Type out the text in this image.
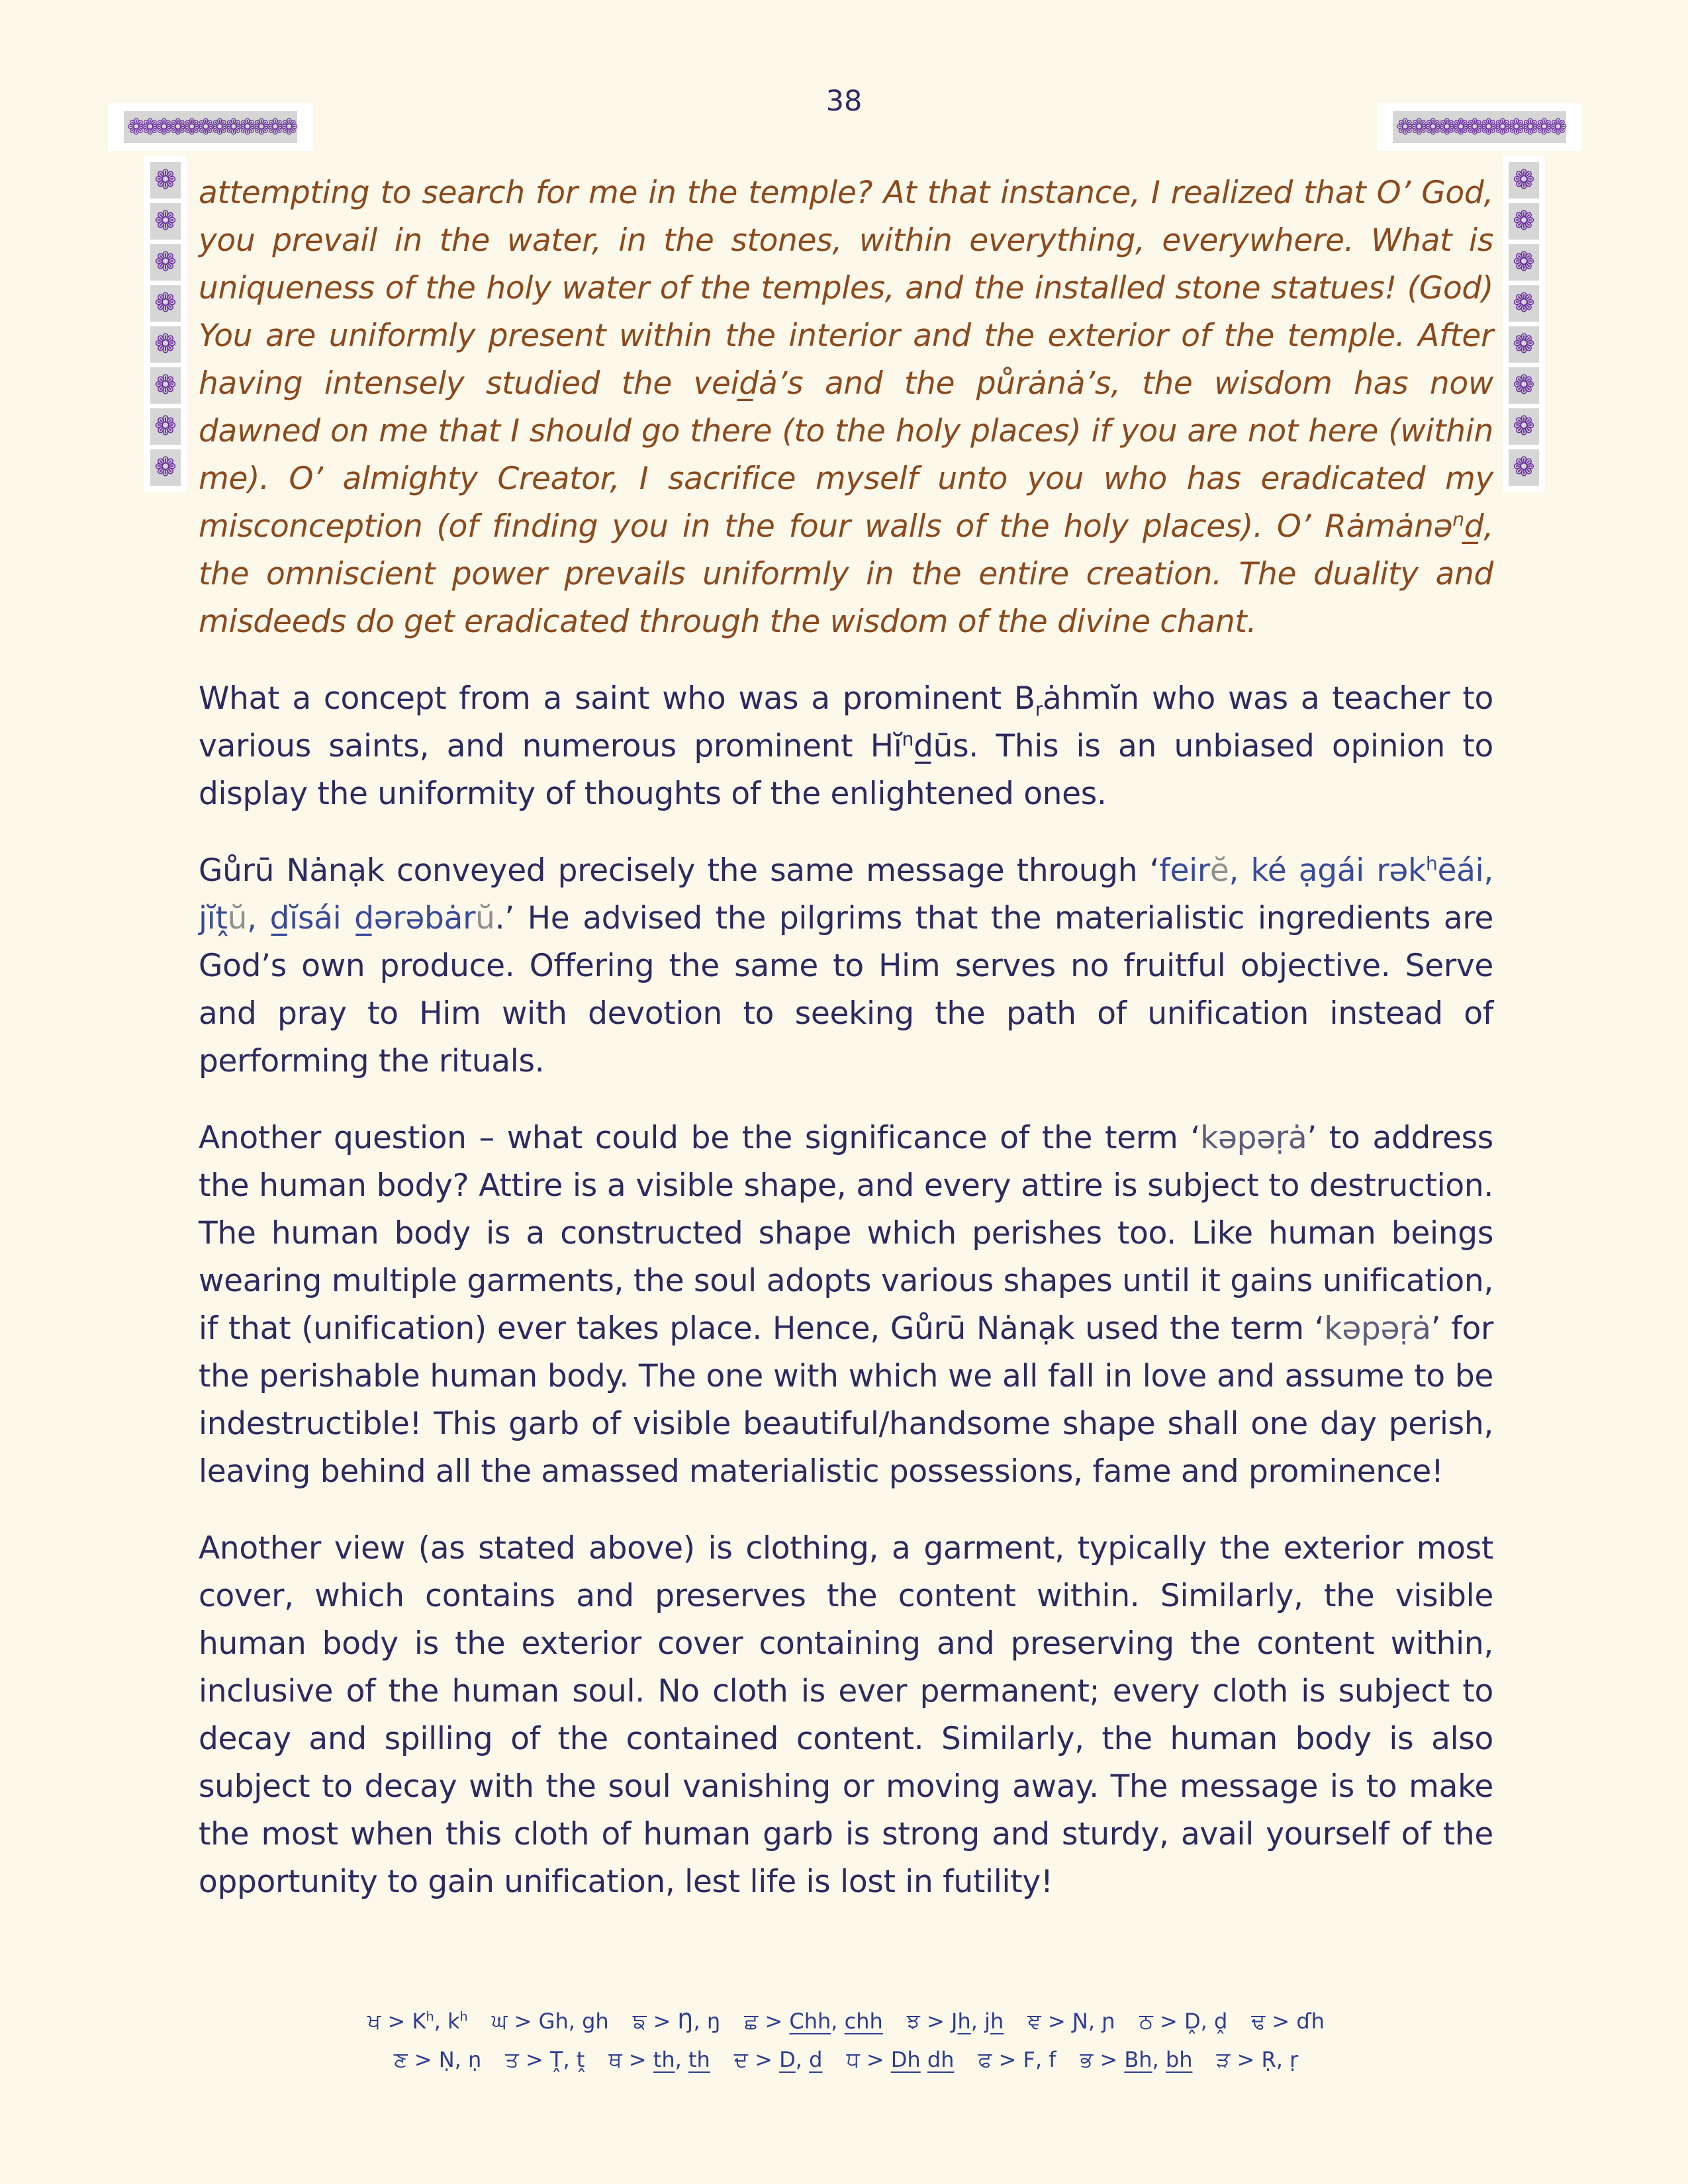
38
❁
❁
❁
❁
❁
❁
❁
❁
❁
❁
❁
❁	❁
❁
❁
❁
❁
❁
❁
❁
❁
❁
❁
❁
❁
❁
❁
❁
❁
❁
❁
❁
❁
❁
❁
❁
❁
❁
❁
❁

attempting to search for me in the temple? At that instance, I realized that O’ God, you prevail in the water, in the stones, within everything, everywhere. What is uniqueness of the holy water of the temples, and the installed stone statues! (God) You are uniformly present within the interior and the exterior of the temple. After having intensely studied the veid̲ȧ’s and the půrȧnȧ’s, the wisdom has now dawned on me that I should go there (to the holy places) if you are not here (within me). O’ almighty Creator, I sacrifice myself unto you who has eradicated my misconception (of finding you in the four walls of the holy places). O’ Rȧmȧnə$^n$d̲, the omniscient power prevails uniformly in the entire creation. The duality and misdeeds do get eradicated through the wisdom of the divine chant.

What a concept from a saint who was a prominent $B_rȧhmĭn$ who was a teacher to various saints, and numerous prominent $Hĭ^nd̲ūs$. This is an unbiased opinion to display the uniformity of thoughts of the enlightened ones.

Gůrū Nȧnạk conveyed precisely the same message through ‘feirĕ, ké ạgái rək$^h$ēái, jĭṱŭ, d̲ĭsái d̲ərəbȧrŭ.’ He advised the pilgrims that the materialistic ingredients are God’s own produce. Offering the same to Him serves no fruitful objective. Serve and pray to Him with devotion to seeking the path of unification instead of performing the rituals.

Another question – what could be the significance of the term ‘kəpəṛȧ’ to address the human body? Attire is a visible shape, and every attire is subject to destruction. The human body is a constructed shape which perishes too. Like human beings wearing multiple garments, the soul adopts various shapes until it gains unification, if that (unification) ever takes place. Hence, Gůrū Nȧnạk used the term ‘kəpəṛȧ’ for the perishable human body. The one with which we all fall in love and assume to be indestructible! This garb of visible beautiful/handsome shape shall one day perish, leaving behind all the amassed materialistic possessions, fame and prominence!

Another view (as stated above) is clothing, a garment, typically the exterior most cover, which contains and preserves the content within. Similarly, the visible human body is the exterior cover containing and preserving the content within, inclusive of the human soul. No cloth is ever permanent; every cloth is subject to decay and spilling of the contained content. Similarly, the human body is also subject to decay with the soul vanishing or moving away. The message is to make the most when this cloth of human garb is strong and sturdy, avail yourself of the opportunity to gain unification, lest life is lost in futility!

ਖ > $K^h$, $k^h$ ਘ > Gh, gh ਙ > Ŋ, ŋ ਛ > Chh, chh ਝ > Jh, jh ਞ > Ɲ, ɲ ਠ > Ḓ, ḓ ਢ > ɗh
ਣ > Ṇ, ṇ ਤ > Ṱ, ṱ ਥ > th, th ਦ > D, d ਧ > Dh dh ਫ > F, f ਭ > Bh, bh ੜ > Ṛ, ṛ
